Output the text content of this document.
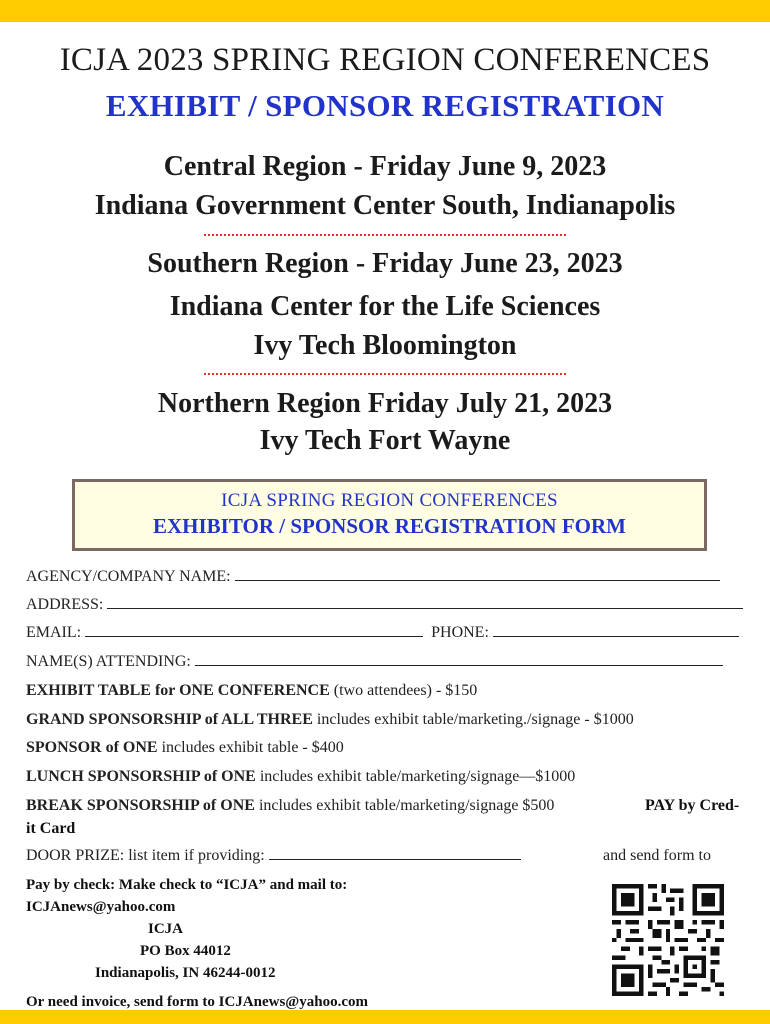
ICJA 2023 SPRING REGION CONFERENCES
EXHIBIT / SPONSOR REGISTRATION
Central Region - Friday June 9, 2023
Indiana Government Center South, Indianapolis
Southern Region - Friday June 23, 2023
Indiana Center for the Life Sciences
Ivy Tech Bloomington
Northern Region Friday July 21, 2023
Ivy Tech Fort Wayne
ICJA SPRING REGION CONFERENCES
EXHIBITOR / SPONSOR REGISTRATION FORM
AGENCY/COMPANY NAME:
ADDRESS:
EMAIL:	PHONE:
NAME(S) ATTENDING:
EXHIBIT TABLE for ONE CONFERENCE (two attendees) - $150
GRAND SPONSORSHIP of ALL THREE includes exhibit table/marketing./signage - $1000
SPONSOR of ONE includes exhibit table - $400
LUNCH SPONSORSHIP of ONE includes exhibit table/marketing/signage—$1000
BREAK SPONSORSHIP of ONE includes exhibit table/marketing/signage $500	PAY by Cred-
it Card
DOOR PRIZE: list item if providing:	and send form to
Pay by check: Make check to “ICJA” and mail to:
ICJAnews@yahoo.com
ICJA
PO Box 44012
Indianapolis, IN 46244-0012
Or need invoice, send form to ICJAnews@yahoo.com
